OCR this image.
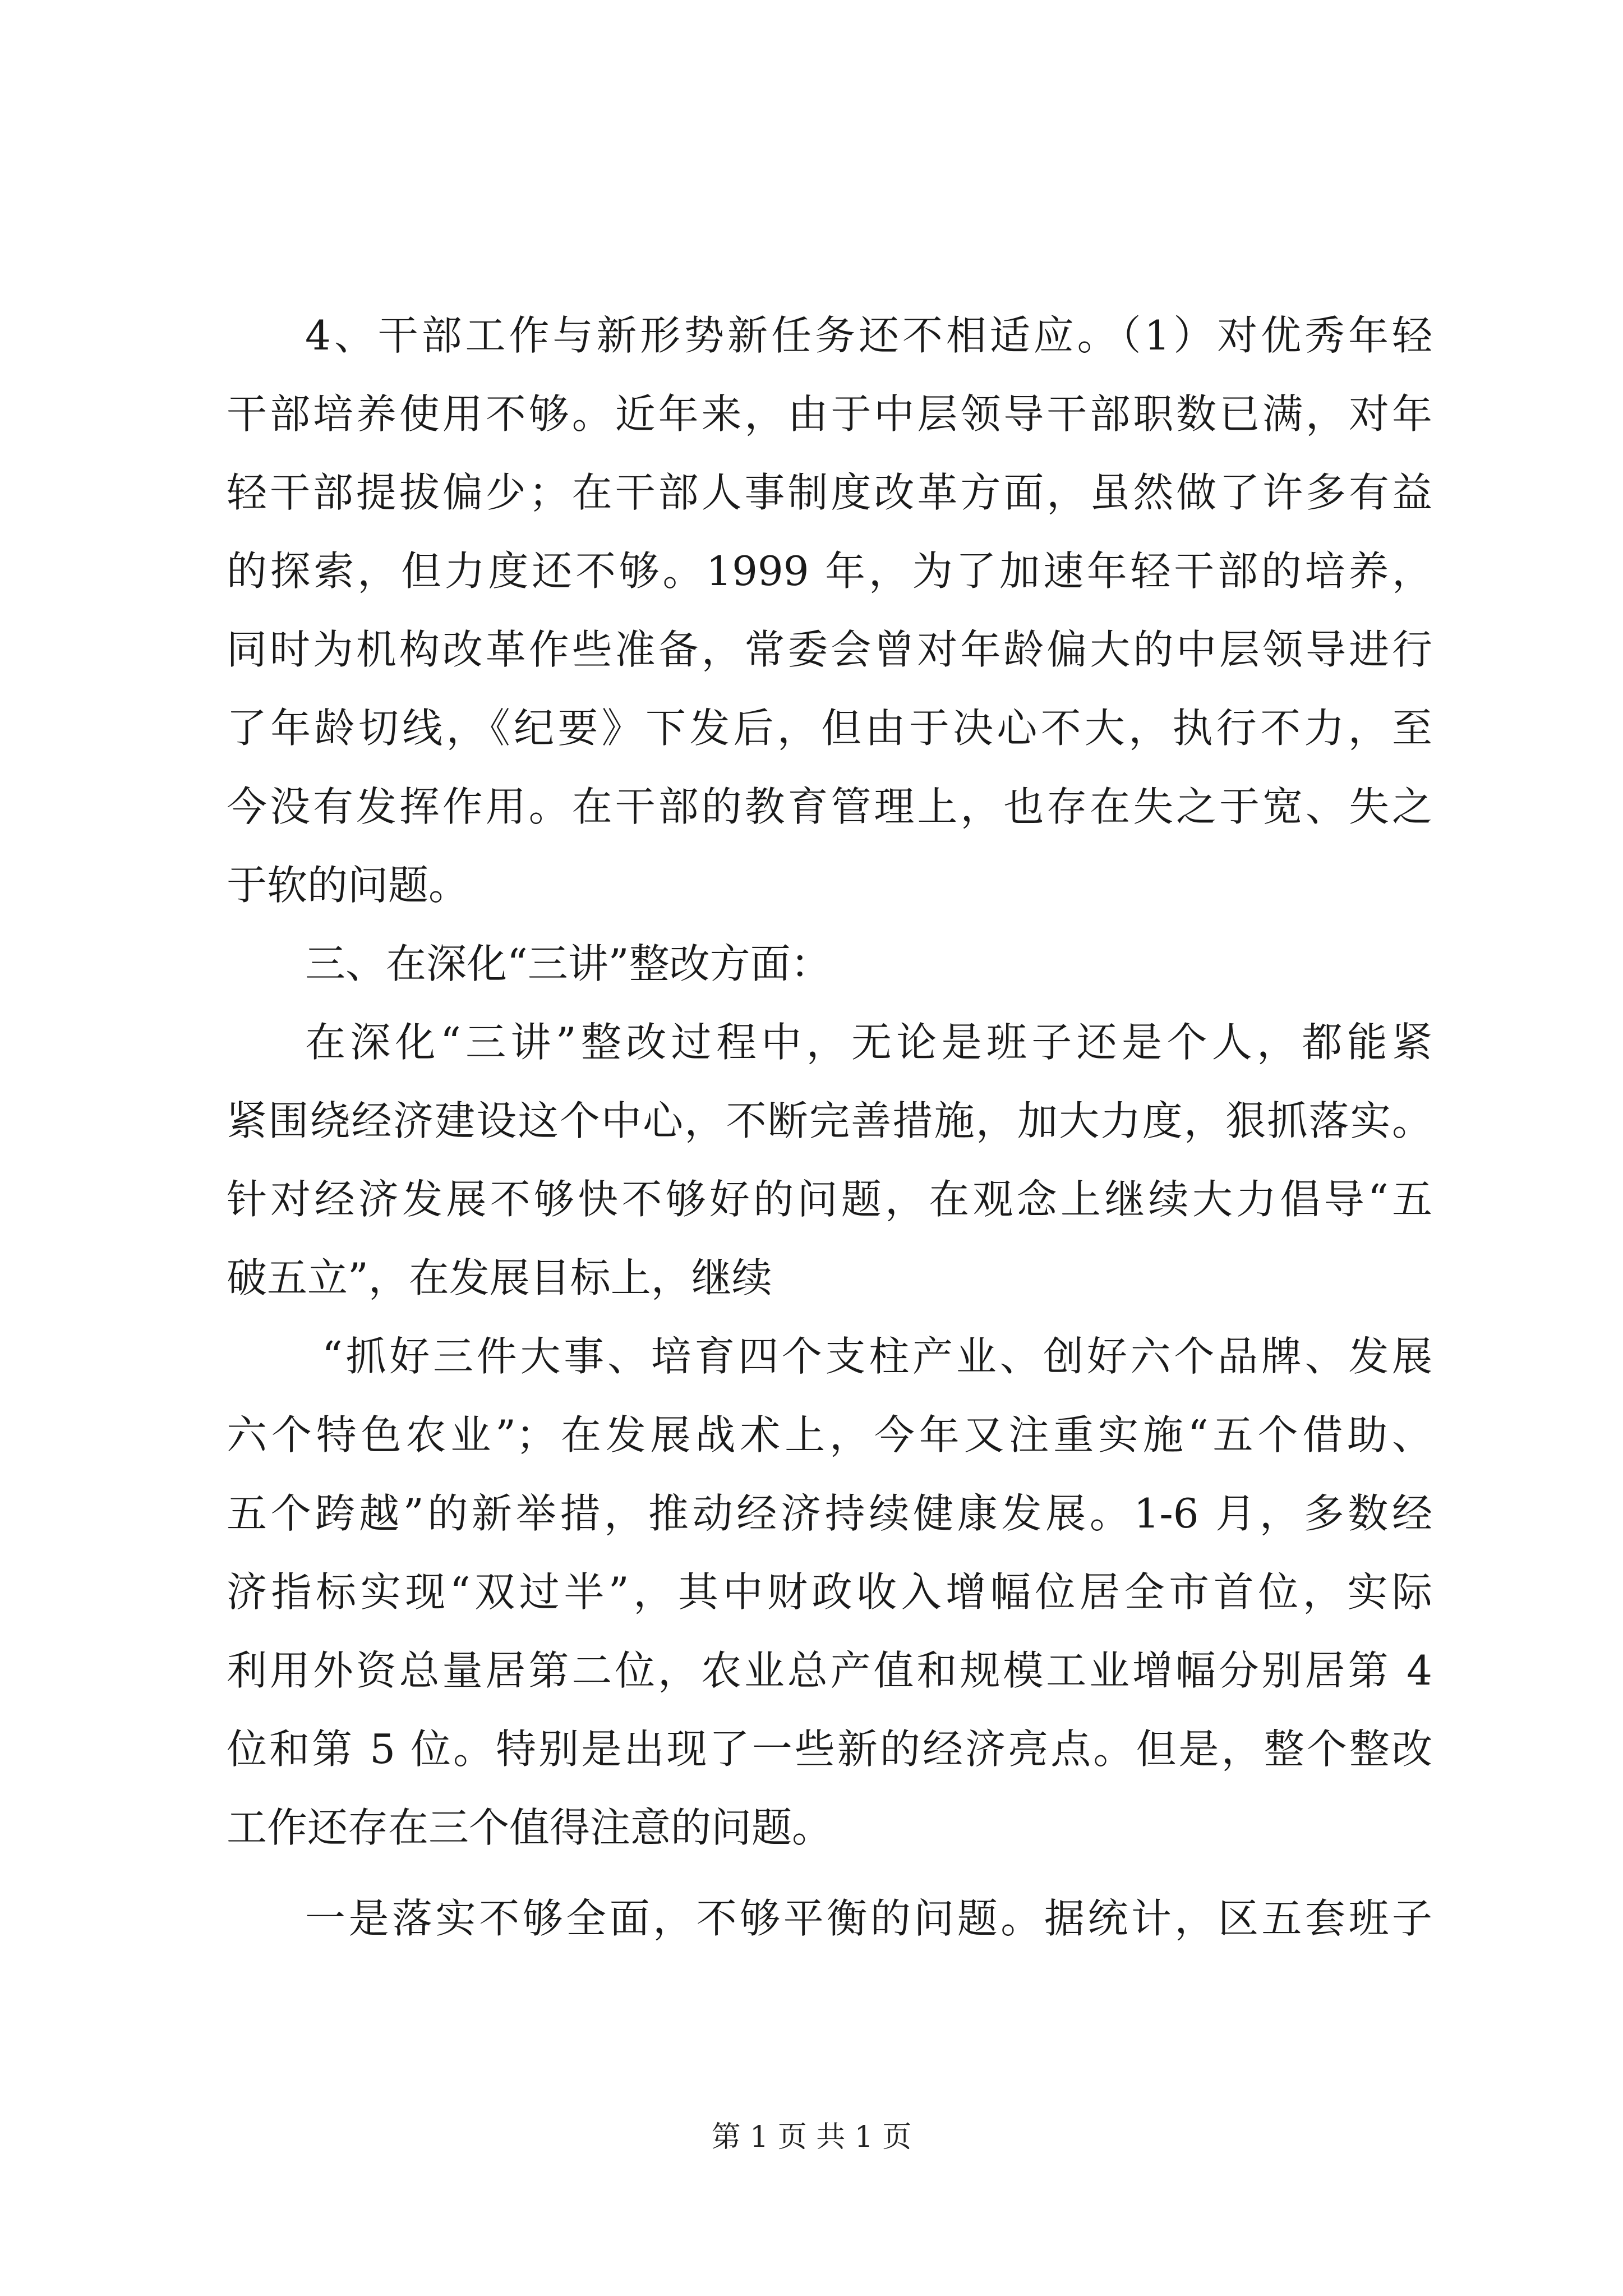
4、干部工作与新形势新任务还不相适应。（1）对优秀年轻
干部培养使用不够。近年来，由于中层领导干部职数已满，对年
轻干部提拔偏少；在干部人事制度改革方面，虽然做了许多有益
的探索，但力度还不够。1999 年，为了加速年轻干部的培养，
同时为机构改革作些准备，常委会曾对年龄偏大的中层领导进行
了年龄切线，《纪要》下发后，但由于决心不大，执行不力，至
今没有发挥作用。在干部的教育管理上，也存在失之于宽、失之
于软的问题。
三、在深化“三讲”整改方面：
在深化“三讲”整改过程中，无论是班子还是个人，都能紧
紧围绕经济建设这个中心，不断完善措施，加大力度，狠抓落实。
针对经济发展不够快不够好的问题，在观念上继续大力倡导“五
破五立”，在发展目标上，继续
“抓好三件大事、培育四个支柱产业、创好六个品牌、发展
六个特色农业”；在发展战术上，今年又注重实施“五个借助、
五个跨越”的新举措，推动经济持续健康发展。1-6 月，多数经
济指标实现“双过半”，其中财政收入增幅位居全市首位，实际
利用外资总量居第二位，农业总产值和规模工业增幅分别居第 4
位和第 5 位。特别是出现了一些新的经济亮点。但是，整个整改
工作还存在三个值得注意的问题。
一是落实不够全面，不够平衡的问题。据统计，区五套班子
第 1 页 共 1 页
